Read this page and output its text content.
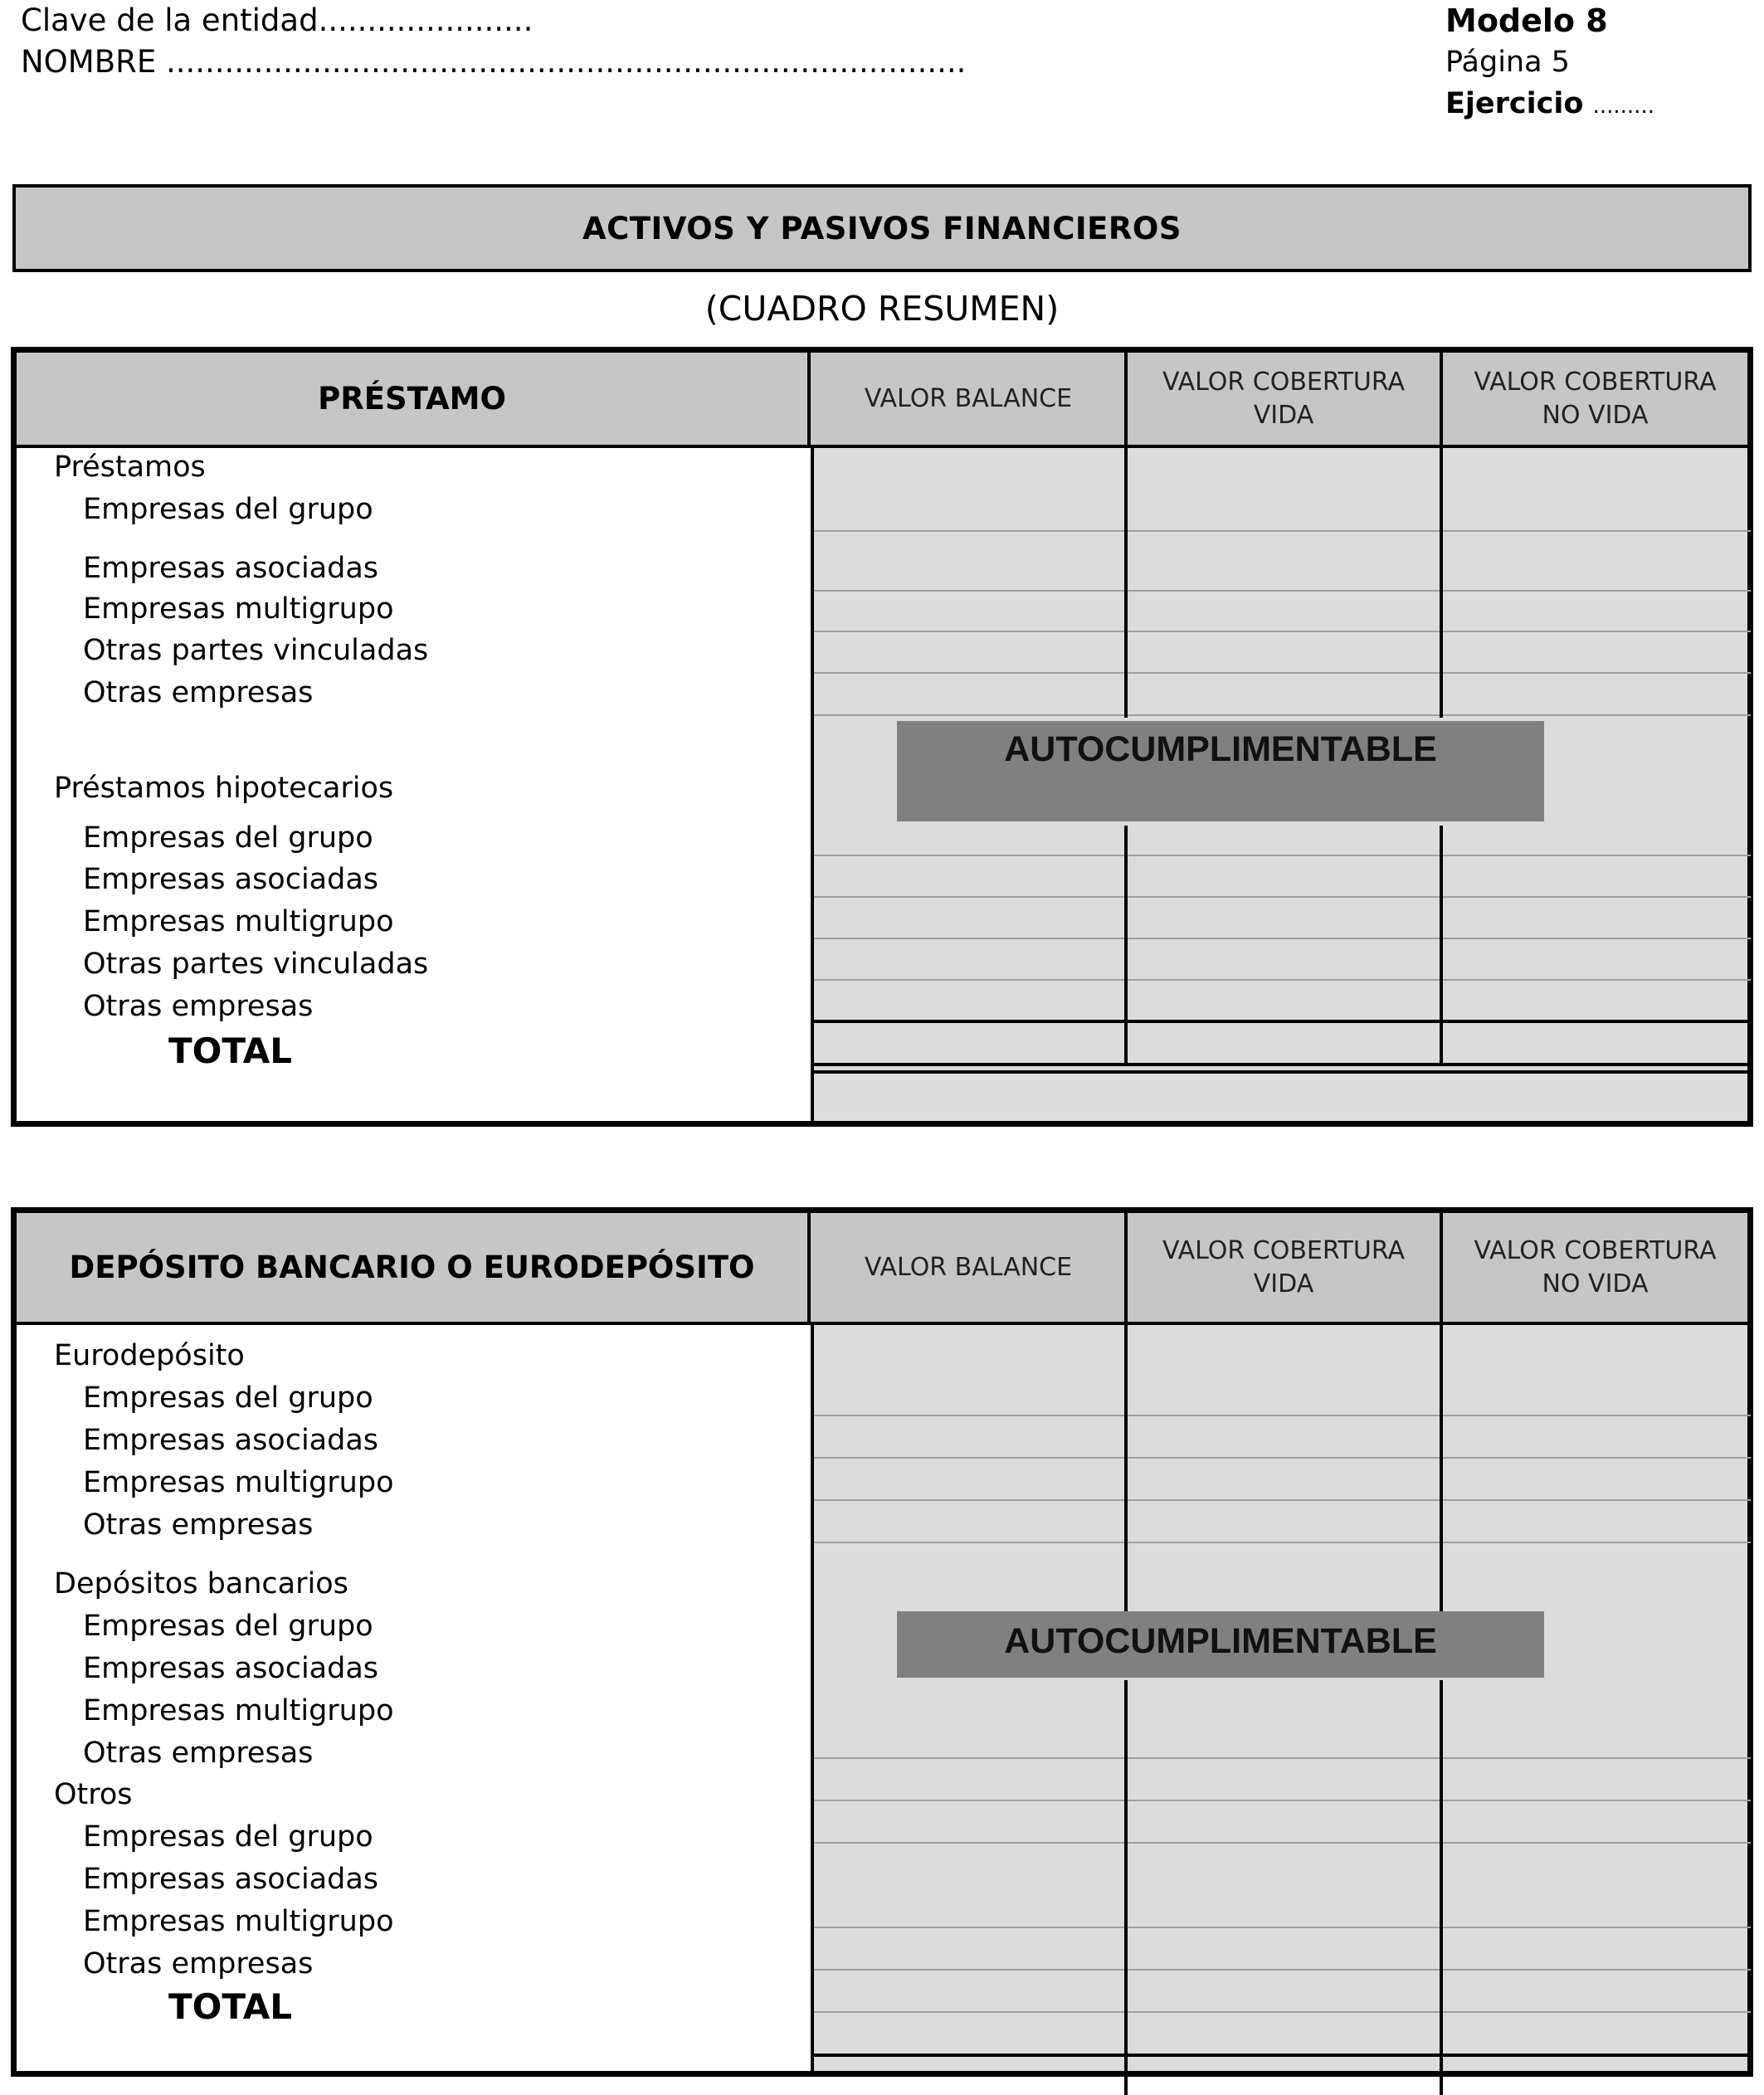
Clave de la entidad......................
NOMBRE ..................................................................................
Modelo 8
Página 5
Ejercicio .........
ACTIVOS Y PASIVOS FINANCIEROS
(CUADRO RESUMEN)
PRÉSTAMO	VALOR BALANCE
VALOR COBERTURA VIDA
VALOR COBERTURA NO VIDA
AUTOCUMPLIMENTABLE
Préstamos
Empresas del grupo
Empresas asociadas
Empresas multigrupo
Otras partes vinculadas
Otras empresas
Préstamos hipotecarios
Empresas del grupo
Empresas asociadas
Empresas multigrupo
Otras partes vinculadas
Otras empresas
TOTAL
DEPÓSITO BANCARIO O EURODEPÓSITO	VALOR BALANCE
VALOR COBERTURA VIDA
VALOR COBERTURA NO VIDA
AUTOCUMPLIMENTABLE
Eurodepósito
Empresas del grupo
Empresas asociadas
Empresas multigrupo
Otras empresas
Depósitos bancarios
Empresas del grupo
Empresas asociadas
Empresas multigrupo
Otras empresas
Otros
Empresas del grupo
Empresas asociadas
Empresas multigrupo
Otras empresas
TOTAL
